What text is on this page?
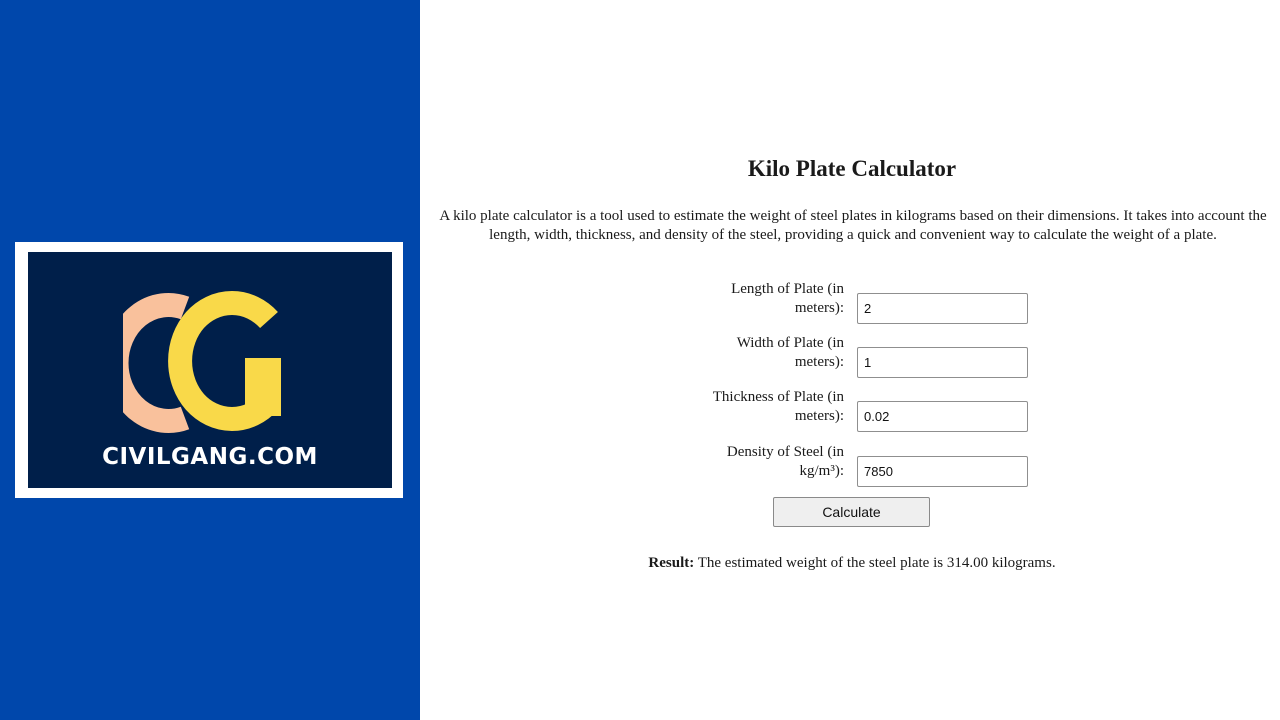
CIVILGANG.COM
Kilo Plate Calculator

A kilo plate calculator is a tool used to estimate the weight of steel plates in kilograms based on their dimensions. It takes into account the length, width, thickness, and density of the steel, providing a quick and convenient way to calculate the weight of a plate.

Length of Plate (in
meters):
2
Width of Plate (in
meters):
1
Thickness of Plate (in
meters):
0.02
Density of Steel (in
kg/m³):
7850
Calculate
Result: The estimated weight of the steel plate is 314.00 kilograms.
